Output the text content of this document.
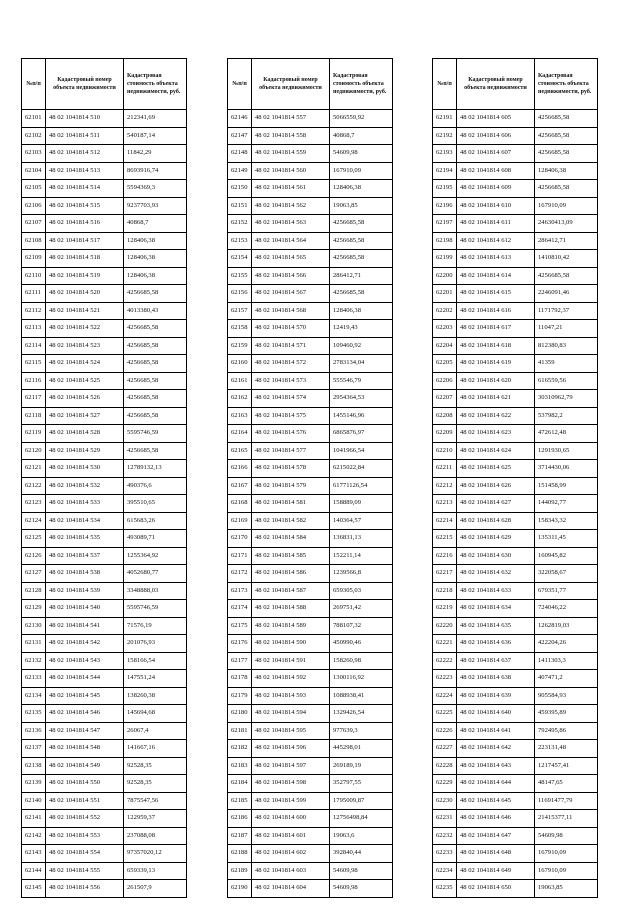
№п/п	Кадастровый номер объекта недвижимости	Кадастровая стоимость объекта недвижимости, руб.
62101	48 02 1041814 510	212341,69
62102	48 02 1041814 511	540187,14
62103	48 02 1041814 512	11842,29
62104	48 02 1041814 513	8693916,74
62105	48 02 1041814 514	5594369,3
62106	48 02 1041814 515	9237703,93
62107	48 02 1041814 516	40868,7
62108	48 02 1041814 517	128406,38
62109	48 02 1041814 518	128406,38
62110	48 02 1041814 519	128406,38
62111	48 02 1041814 520	4256685,58
62112	48 02 1041814 521	4013380,43
62113	48 02 1041814 522	4256685,58
62114	48 02 1041814 523	4256685,58
62115	48 02 1041814 524	4256685,58
62116	48 02 1041814 525	4256685,58
62117	48 02 1041814 526	4256685,58
62118	48 02 1041814 527	4256685,58
62119	48 02 1041814 528	5595746,59
62120	48 02 1041814 529	4256685,58
62121	48 02 1041814 530	12789132,13
62122	48 02 1041814 532	490376,6
62123	48 02 1041814 533	395510,65
62124	48 02 1041814 534	615683,26
62125	48 02 1041814 535	493089,71
62126	48 02 1041814 537	1255364,92
62127	48 02 1041814 538	4052680,77
62128	48 02 1041814 539	3348888,03
62129	48 02 1041814 540	5595746,59
62130	48 02 1041814 541	71576,19
62131	48 02 1041814 542	201076,93
62132	48 02 1041814 543	158166,54
62133	48 02 1041814 544	147551,24
62134	48 02 1041814 545	138260,38
62135	48 02 1041814 546	145694,68
62136	48 02 1041814 547	26067,4
62137	48 02 1041814 548	141667,16
62138	48 02 1041814 549	92528,35
62139	48 02 1041814 550	92528,35
62140	48 02 1041814 551	7875547,56
62141	48 02 1041814 552	122959,37
62142	48 02 1041814 553	237088,08
62143	48 02 1041814 554	97357020,12
62144	48 02 1041814 555	659339,13
62145	48 02 1041814 556	261507,9
№п/п	Кадастровый номер объекта недвижимости	Кадастровая стоимость объекта недвижимости, руб.
62146	48 02 1041814 557	5066559,92
62147	48 02 1041814 558	40868,7
62148	48 02 1041814 559	54609,98
62149	48 02 1041814 560	167910,09
62150	48 02 1041814 561	128406,38
62151	48 02 1041814 562	19063,85
62152	48 02 1041814 563	4256685,58
62153	48 02 1041814 564	4256685,58
62154	48 02 1041814 565	4256685,58
62155	48 02 1041814 566	286412,71
62156	48 02 1041814 567	4256685,58
62157	48 02 1041814 568	128406,38
62158	48 02 1041814 570	12419,43
62159	48 02 1041814 571	109460,92
62160	48 02 1041814 572	2783134,04
62161	48 02 1041814 573	555546,79
62162	48 02 1041814 574	2954364,53
62163	48 02 1041814 575	1455146,96
62164	48 02 1041814 576	6865876,97
62165	48 02 1041814 577	1041966,54
62166	48 02 1041814 578	6215022,84
62167	48 02 1041814 579	61771126,54
62168	48 02 1041814 581	158889,09
62169	48 02 1041814 582	140364,57
62170	48 02 1041814 584	136831,13
62171	48 02 1041814 585	152211,14
62172	48 02 1041814 586	1239566,8
62173	48 02 1041814 587	659305,03
62174	48 02 1041814 588	269751,42
62175	48 02 1041814 589	788107,32
62176	48 02 1041814 590	450990,46
62177	48 02 1041814 591	158260,98
62178	48 02 1041814 592	1300116,92
62179	48 02 1041814 593	1088938,41
62180	48 02 1041814 594	1329426,54
62181	48 02 1041814 595	977639,3
62182	48 02 1041814 596	445298,01
62183	48 02 1041814 597	269189,19
62184	48 02 1041814 598	352797,55
62185	48 02 1041814 599	1795009,87
62186	48 02 1041814 600	12756498,84
62187	48 02 1041814 601	19063,6
62188	48 02 1041814 602	392840,44
62189	48 02 1041814 603	54609,98
62190	48 02 1041814 604	54609,98
№п/п	Кадастровый номер объекта недвижимости	Кадастровая стоимость объекта недвижимости, руб.
62191	48 02 1041814 605	4256685,58
62192	48 02 1041814 606	4256685,58
62193	48 02 1041814 607	4256685,58
62194	48 02 1041814 608	128406,38
62195	48 02 1041814 609	4256685,58
62196	48 02 1041814 610	167910,09
62197	48 02 1041814 611	24630413,09
62198	48 02 1041814 612	286412,71
62199	48 02 1041814 613	1410810,42
62200	48 02 1041814 614	4256685,58
62201	48 02 1041814 615	2246091,46
62202	48 02 1041814 616	1171792,37
62203	48 02 1041814 617	11047,21
62204	48 02 1041814 618	812380,83
62205	48 02 1041814 619	41359
62206	48 02 1041814 620	616559,56
62207	48 02 1041814 621	30310962,79
62208	48 02 1041814 622	537982,2
62209	48 02 1041814 623	472612,48
62210	48 02 1041814 624	1291930,65
62211	48 02 1041814 625	3714430,06
62212	48 02 1041814 626	151458,99
62213	48 02 1041814 627	144092,77
62214	48 02 1041814 628	158343,32
62215	48 02 1041814 629	135311,45
62216	48 02 1041814 630	160945,82
62217	48 02 1041814 632	322058,67
62218	48 02 1041814 633	679351,77
62219	48 02 1041814 634	724046,22
62220	48 02 1041814 635	1262819,03
62221	48 02 1041814 636	422204,26
62222	48 02 1041814 637	1411303,3
62223	48 02 1041814 638	407471,2
62224	48 02 1041814 639	905584,93
62225	48 02 1041814 640	459395,89
62226	48 02 1041814 641	792495,86
62227	48 02 1041814 642	223131,48
62228	48 02 1041814 643	1217457,41
62229	48 02 1041814 644	48147,65
62230	48 02 1041814 645	11691477,79
62231	48 02 1041814 646	21415377,11
62232	48 02 1041814 647	54609,98
62233	48 02 1041814 648	167910,09
62234	48 02 1041814 649	167910,09
62235	48 02 1041814 650	19063,85
